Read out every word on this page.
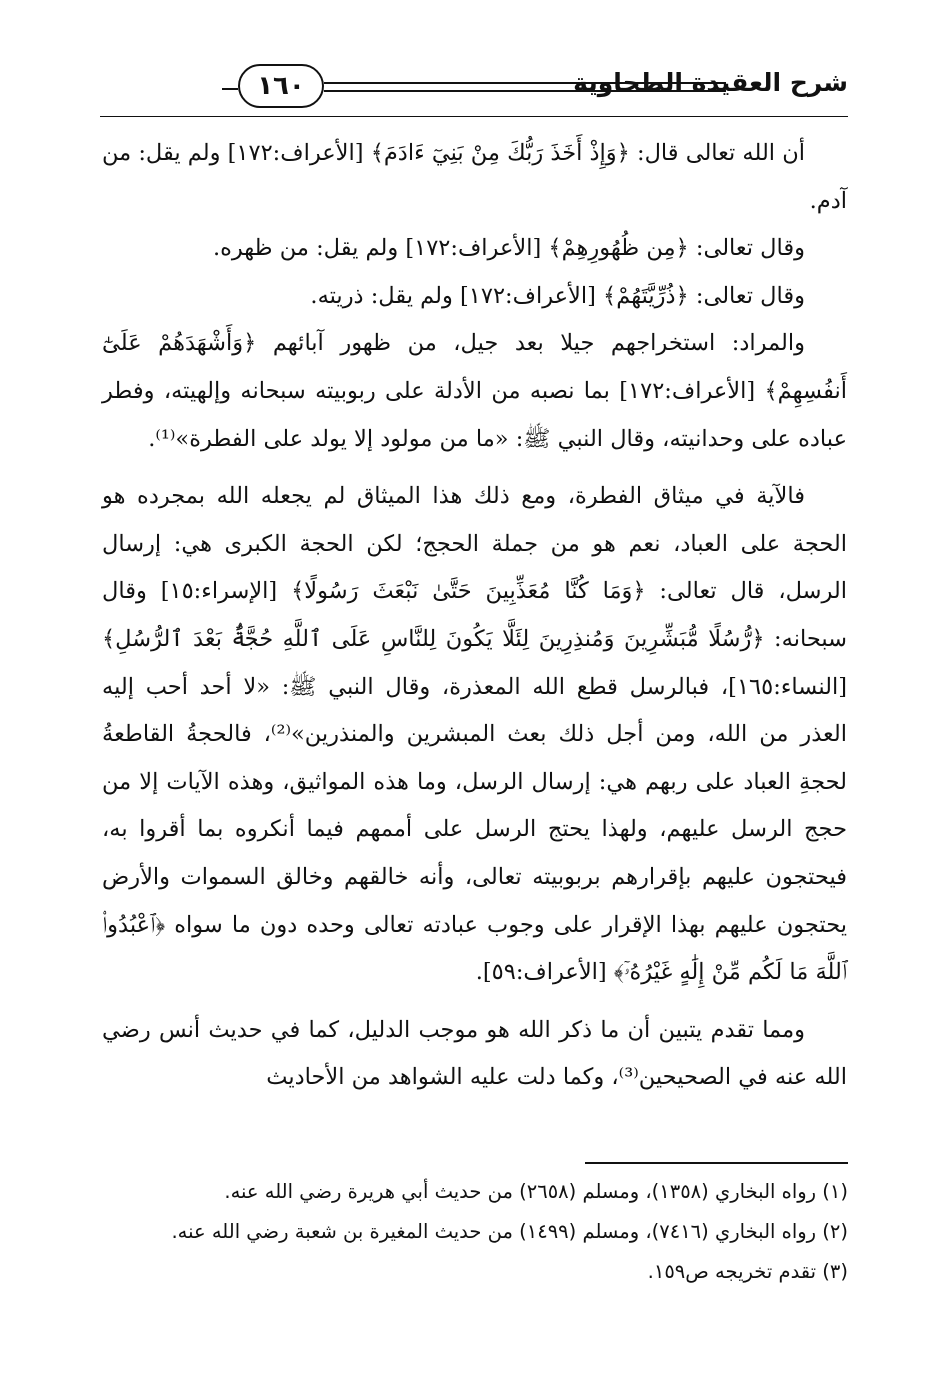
شرح العقيدة الطحاوية
١٦٠

أن الله تعالى قال: ﴿وَإِذْ أَخَذَ رَبُّكَ مِنْ بَنِيٓ ءَادَمَ﴾ [الأعراف:١٧٢] ولم يقل: من آدم.

وقال تعالى: ﴿مِن ظُهُورِهِمْ﴾ [الأعراف:١٧٢] ولم يقل: من ظهره.

وقال تعالى: ﴿ذُرِّيَّتَهُمْ﴾ [الأعراف:١٧٢] ولم يقل: ذريته.

والمراد: استخراجهم جيلا بعد جيل، من ظهور آبائهم ﴿وَأَشْهَدَهُمْ عَلَىٰٓ أَنفُسِهِمْ﴾ [الأعراف:١٧٢] بما نصبه من الأدلة على ربوبيته سبحانه وإلهيته، وفطر عباده على وحدانيته، وقال النبي ﷺ: «ما من مولود إلا يولد على الفطرة»⁽¹⁾.

فالآية في ميثاق الفطرة، ومع ذلك هذا الميثاق لم يجعله الله بمجرده هو الحجة على العباد، نعم هو من جملة الحجج؛ لكن الحجة الكبرى هي: إرسال الرسل، قال تعالى: ﴿وَمَا كُنَّا مُعَذِّبِينَ حَتَّىٰ نَبْعَثَ رَسُولًا﴾ [الإسراء:١٥] وقال سبحانه: ﴿رُّسُلًا مُّبَشِّرِينَ وَمُنذِرِينَ لِئَلَّا يَكُونَ لِلنَّاسِ عَلَى ٱللَّهِ حُجَّةٌۢ بَعْدَ ٱلرُّسُلِ﴾ [النساء:١٦٥]، فبالرسل قطع الله المعذرة، وقال النبي ﷺ: «لا أحد أحب إليه العذر من الله، ومن أجل ذلك بعث المبشرين والمنذرين»⁽²⁾، فالحجةُ القاطعةُ لحجةِ العباد على ربهم هي: إرسال الرسل، وما هذه المواثيق، وهذه الآيات إلا من حجج الرسل عليهم، ولهذا يحتج الرسل على أممهم فيما أنكروه بما أقروا به، فيحتجون عليهم بإقرارهم بربوبيته تعالى، وأنه خالقهم وخالق السموات والأرض يحتجون عليهم بهذا الإقرار على وجوب عبادته تعالى وحده دون ما سواه ﴿ٱعْبُدُوا۟ ٱللَّهَ مَا لَكُم مِّنْ إِلَٰهٍ غَيْرُهُۥٓ﴾ [الأعراف:٥٩].

ومما تقدم يتبين أن ما ذكر الله هو موجب الدليل، كما في حديث أنس رضي الله عنه في الصحيحين⁽³⁾، وكما دلت عليه الشواهد من الأحاديث

(١) رواه البخاري (١٣٥٨)، ومسلم (٢٦٥٨) من حديث أبي هريرة رضي الله عنه.
(٢) رواه البخاري (٧٤١٦)، ومسلم (١٤٩٩) من حديث المغيرة بن شعبة رضي الله عنه.
(٣) تقدم تخريجه ص١٥٩.
